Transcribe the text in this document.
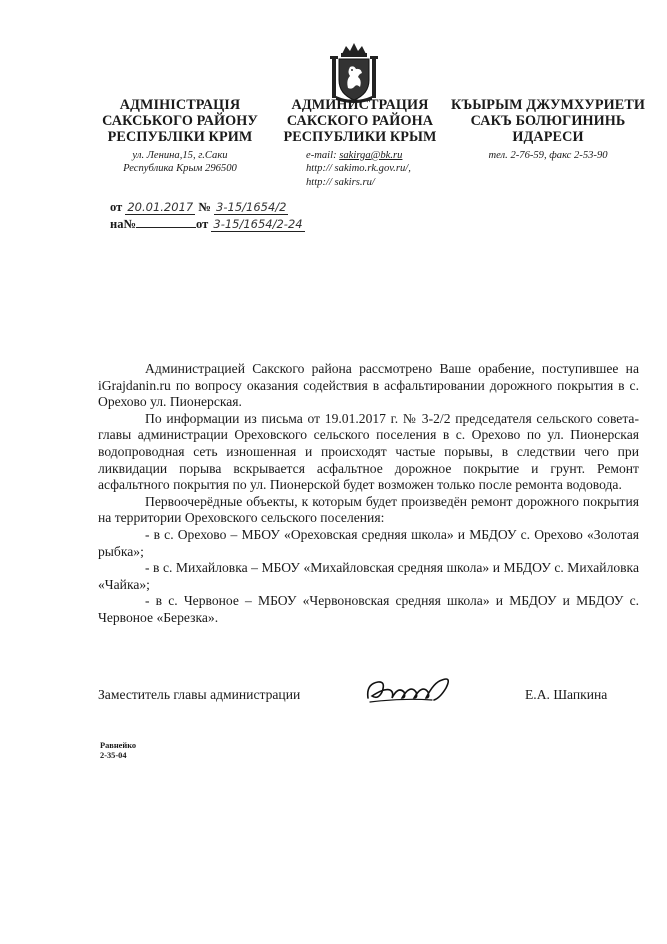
АДМІНІСТРАЦІЯ
САКСЬКОГО РАЙОНУ
РЕСПУБЛІКИ КРИМ
ул. Ленина,15, г.Саки
Республика Крым 296500
АДМИНИСТРАЦИЯ
САКСКОГО РАЙОНА
РЕСПУБЛИКИ КРЫМ
e-mail: sakirga@bk.ru
http:// sakimo.rk.gov.ru/,
http:// sakirs.ru/
КЪЫРЫМ ДЖУМХУРИЕТИ
САКЪ БОЛЮГИНИНЬ
ИДАРЕСИ
тел. 2-76-59, факс 2-53-90
от 20.01.2017 № 3-15/1654/2
на№	от 3-15/1654/2-24

Администрацией Сакского района рассмотрено Ваше орабение, поступившее на iGrajdanin.ru по вопросу оказания содействия в асфальтировании дорожного покрытия в с. Орехово ул. Пионерская.

По информации из письма от 19.01.2017 г. № 3-2/2 председателя сельского совета-главы администрации Ореховского сельского поселения в с. Орехово по ул. Пионерская водопроводная сеть изношенная и происходят частые порывы, в следствии чего при ликвидации порыва вскрывается асфальтное дорожное покрытие и грунт. Ремонт асфальтного покрытия по ул. Пионерской будет возможен только после ремонта водовода.

Первоочерёдные объекты, к которым будет произведён ремонт дорожного покрытия на территории Ореховского сельского поселения:

- в с. Орехово – МБОУ «Ореховская средняя школа» и МБДОУ с. Орехово «Золотая рыбка»;

- в с. Михайловка – МБОУ «Михайловская средняя школа» и МБДОУ с. Михайловка «Чайка»;

- в с. Червоное – МБОУ «Червоновская средняя школа» и МБДОУ и МБДОУ с. Червоное «Березка».

Заместитель главы администрации	Е.А. Шапкина
Равнейко
2-35-04
